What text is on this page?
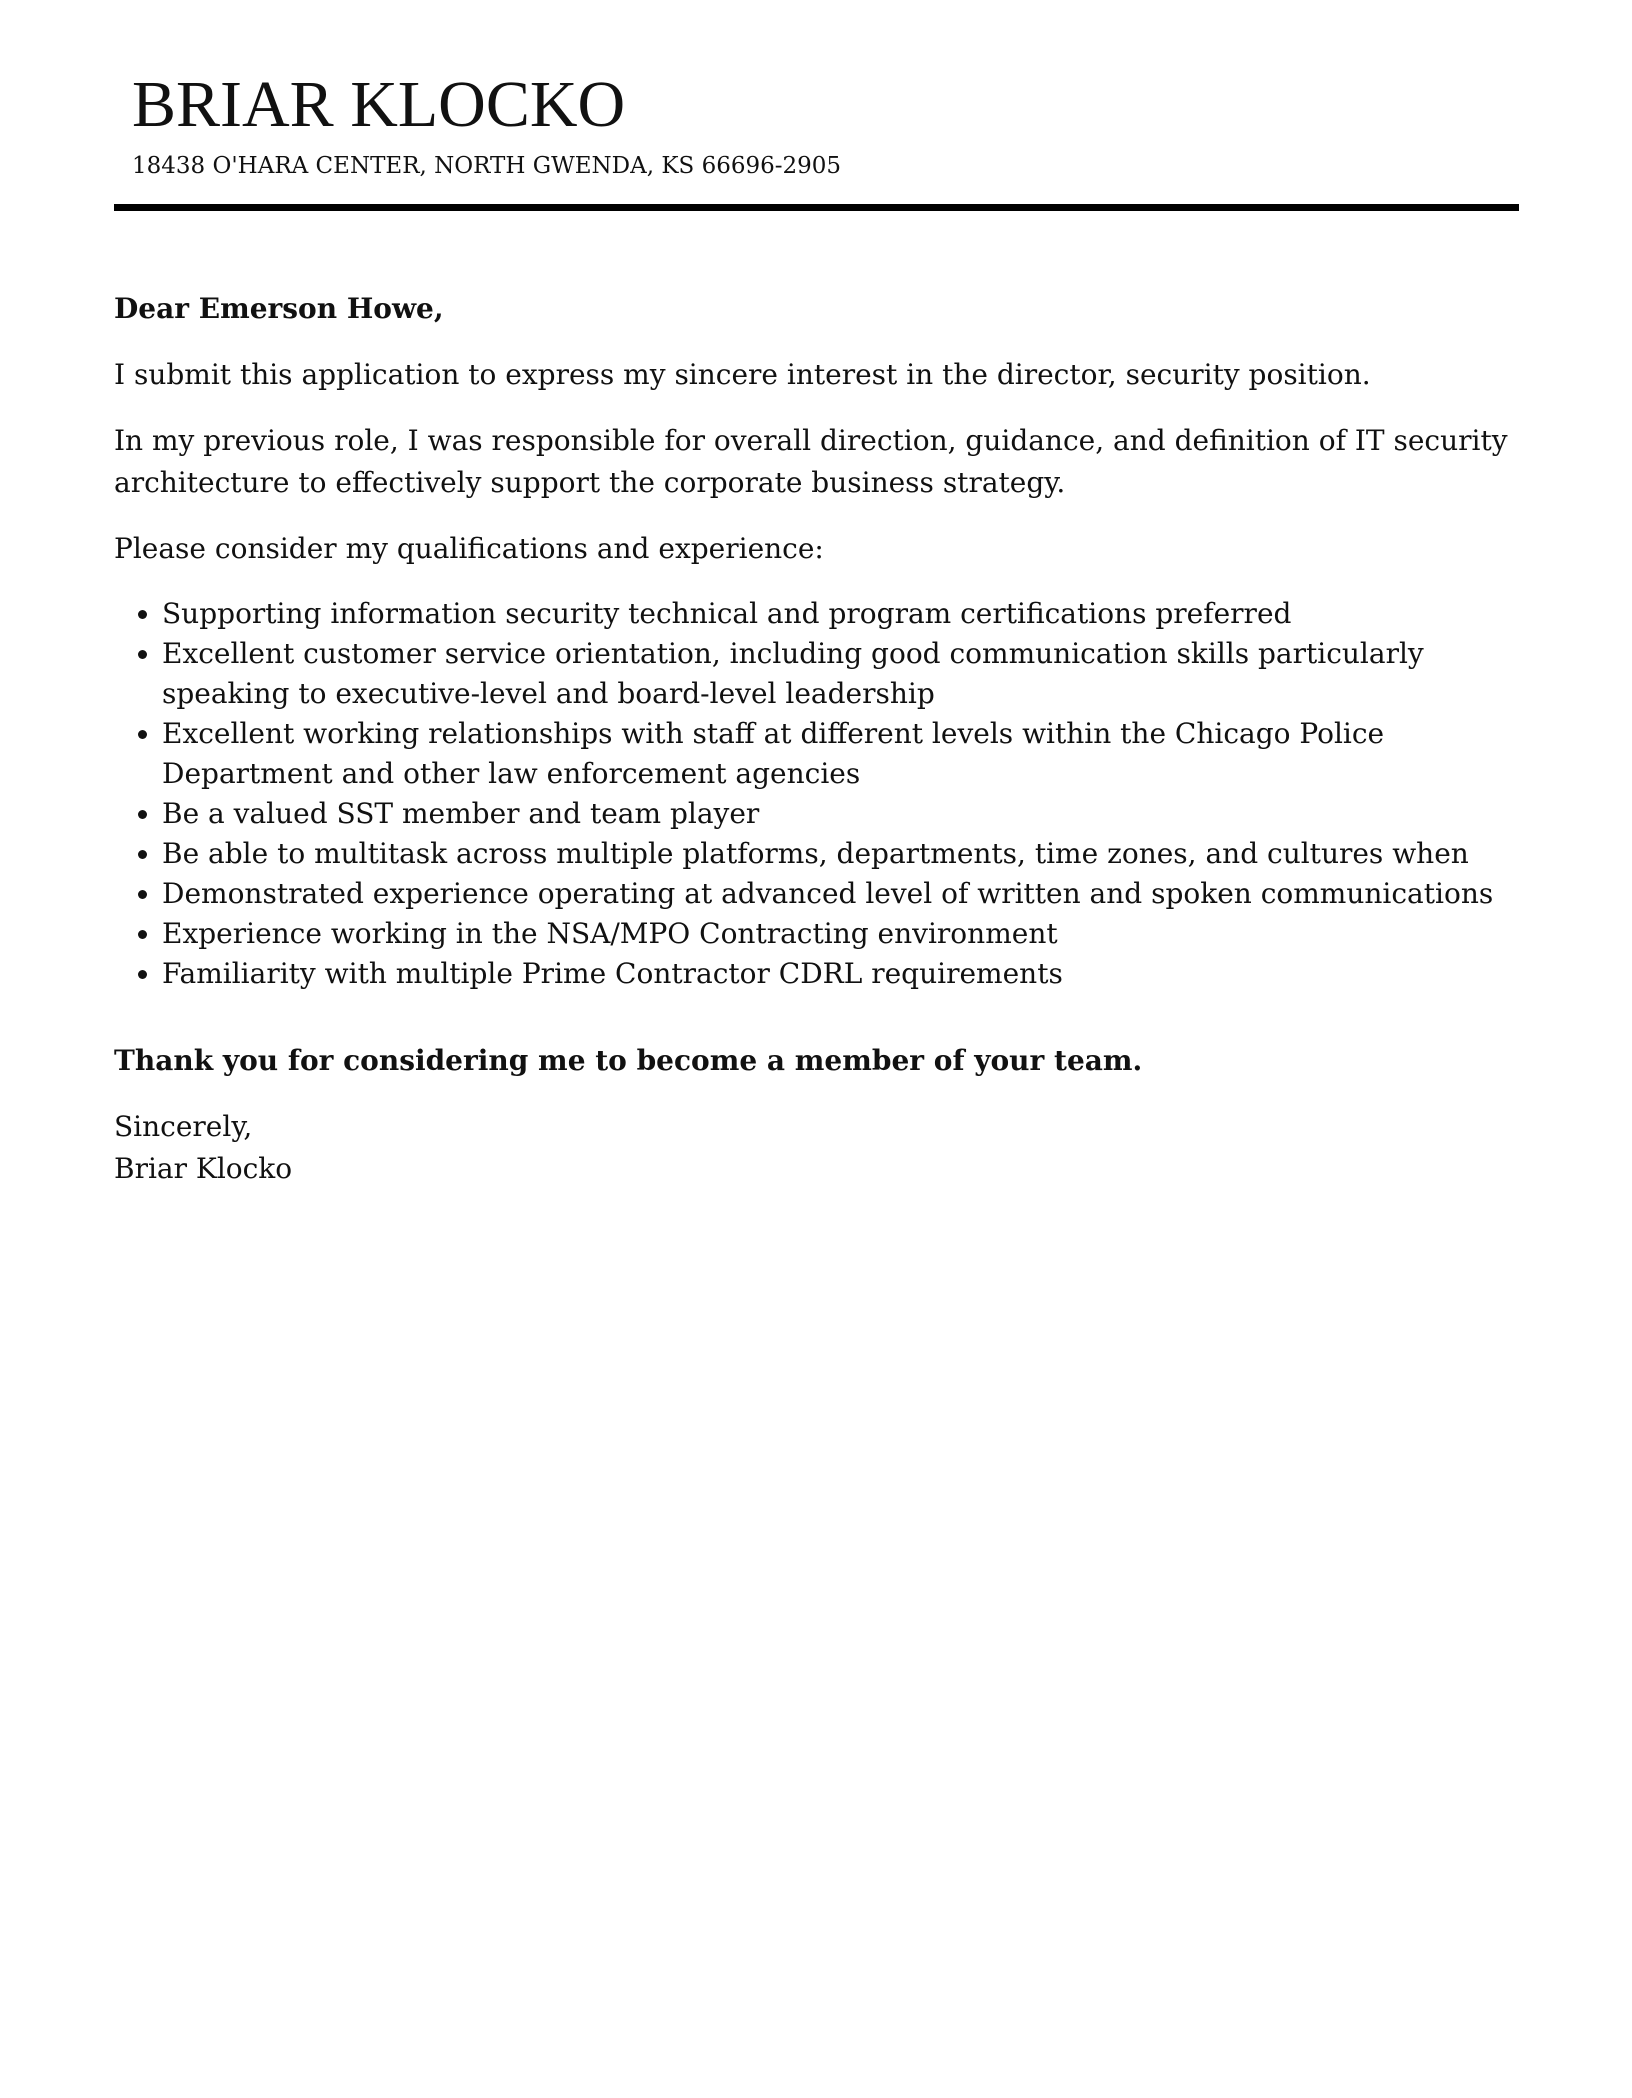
BRIAR KLOCKO
18438 O'HARA CENTER, NORTH GWENDA, KS 66696-2905

Dear Emerson Howe,

I submit this application to express my sincere interest in the director, security position.

In my previous role, I was responsible for overall direction, guidance, and definition of IT security architecture to effectively support the corporate business strategy.

Please consider my qualifications and experience:

• Supporting information security technical and program certifications preferred
• Excellent customer service orientation, including good communication skills particularly speaking to executive-level and board-level leadership
• Excellent working relationships with staff at different levels within the Chicago Police Department and other law enforcement agencies
• Be a valued SST member and team player
• Be able to multitask across multiple platforms, departments, time zones, and cultures when
• Demonstrated experience operating at advanced level of written and spoken communications
• Experience working in the NSA/MPO Contracting environment
• Familiarity with multiple Prime Contractor CDRL requirements

Thank you for considering me to become a member of your team.

Sincerely,

Briar Klocko
